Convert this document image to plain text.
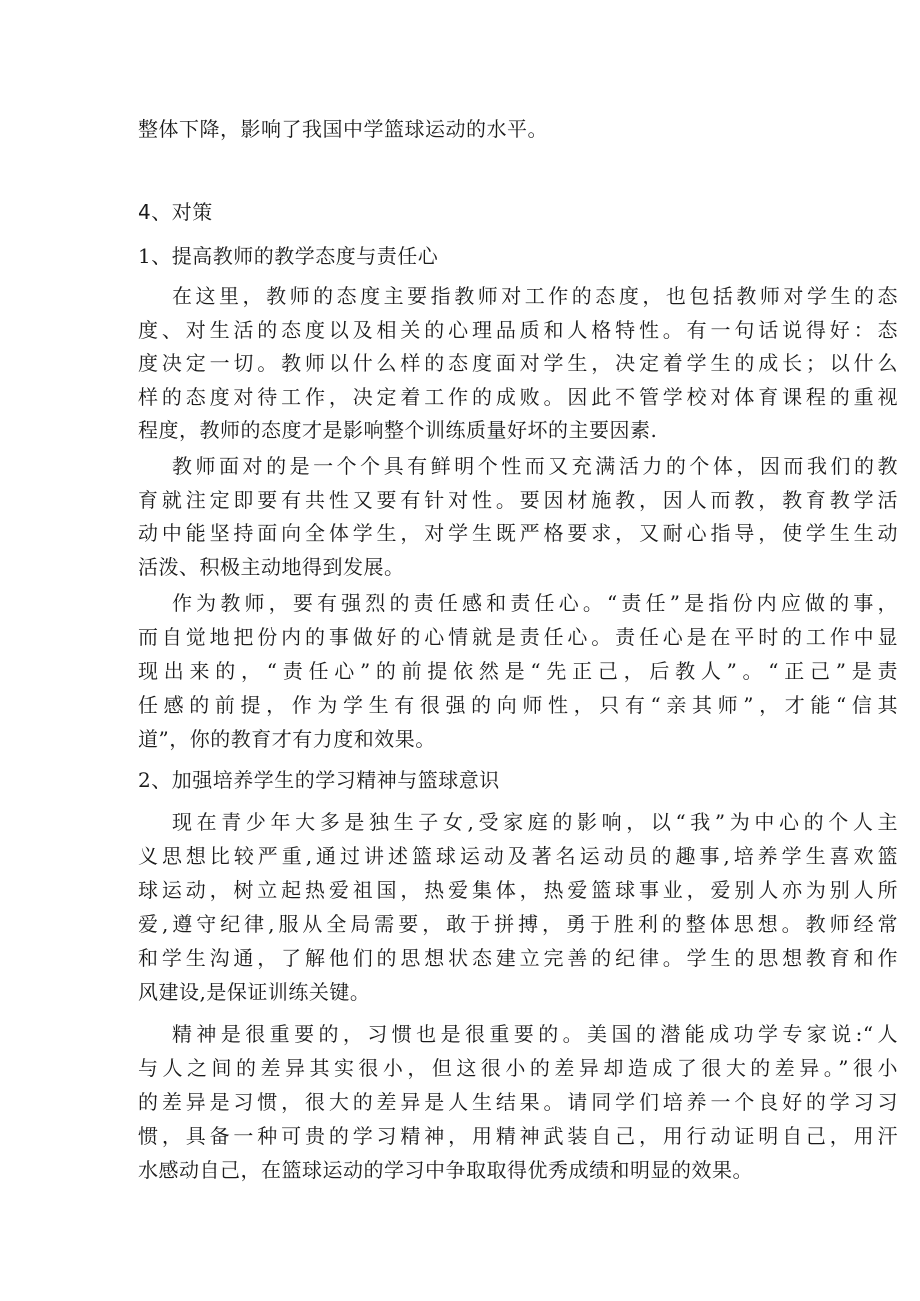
整体下降，影响了我国中学篮球运动的水平。
4、对策
1、提高教师的教学态度与责任心
在这里，教师的态度主要指教师对工作的态度，也包括教师对学生的态
度、对生活的态度以及相关的心理品质和人格特性。有一句话说得好：态
度决定一切。教师以什么样的态度面对学生，决定着学生的成长；以什么
样的态度对待工作，决定着工作的成败。因此不管学校对体育课程的重视
程度，教师的态度才是影响整个训练质量好坏的主要因素.
教师面对的是一个个具有鲜明个性而又充满活力的个体，因而我们的教
育就注定即要有共性又要有针对性。要因材施教，因人而教，教育教学活
动中能坚持面向全体学生，对学生既严格要求，又耐心指导，使学生生动
活泼、积极主动地得到发展。
作为教师，要有强烈的责任感和责任心。“责任”是指份内应做的事，
而自觉地把份内的事做好的心情就是责任心。责任心是在平时的工作中显
现出来的，“责任心”的前提依然是“先正己，后教人”。“正己”是责
任感的前提，作为学生有很强的向师性，只有“亲其师”，才能“信其
道”，你的教育才有力度和效果。
2、加强培养学生的学习精神与篮球意识
现在青少年大多是独生子女,受家庭的影响，以“我”为中心的个人主
义思想比较严重,通过讲述篮球运动及著名运动员的趣事,培养学生喜欢篮
球运动，树立起热爱祖国，热爱集体，热爱篮球事业，爱别人亦为别人所
爱,遵守纪律,服从全局需要，敢于拼搏，勇于胜利的整体思想。教师经常
和学生沟通，了解他们的思想状态建立完善的纪律。学生的思想教育和作
风建设,是保证训练关键。
精神是很重要的，习惯也是很重要的。美国的潜能成功学专家说:“人
与人之间的差异其实很小，但这很小的差异却造成了很大的差异。”很小
的差异是习惯，很大的差异是人生结果。请同学们培养一个良好的学习习
惯，具备一种可贵的学习精神，用精神武装自己，用行动证明自己，用汗
水感动自己，在篮球运动的学习中争取取得优秀成绩和明显的效果。
